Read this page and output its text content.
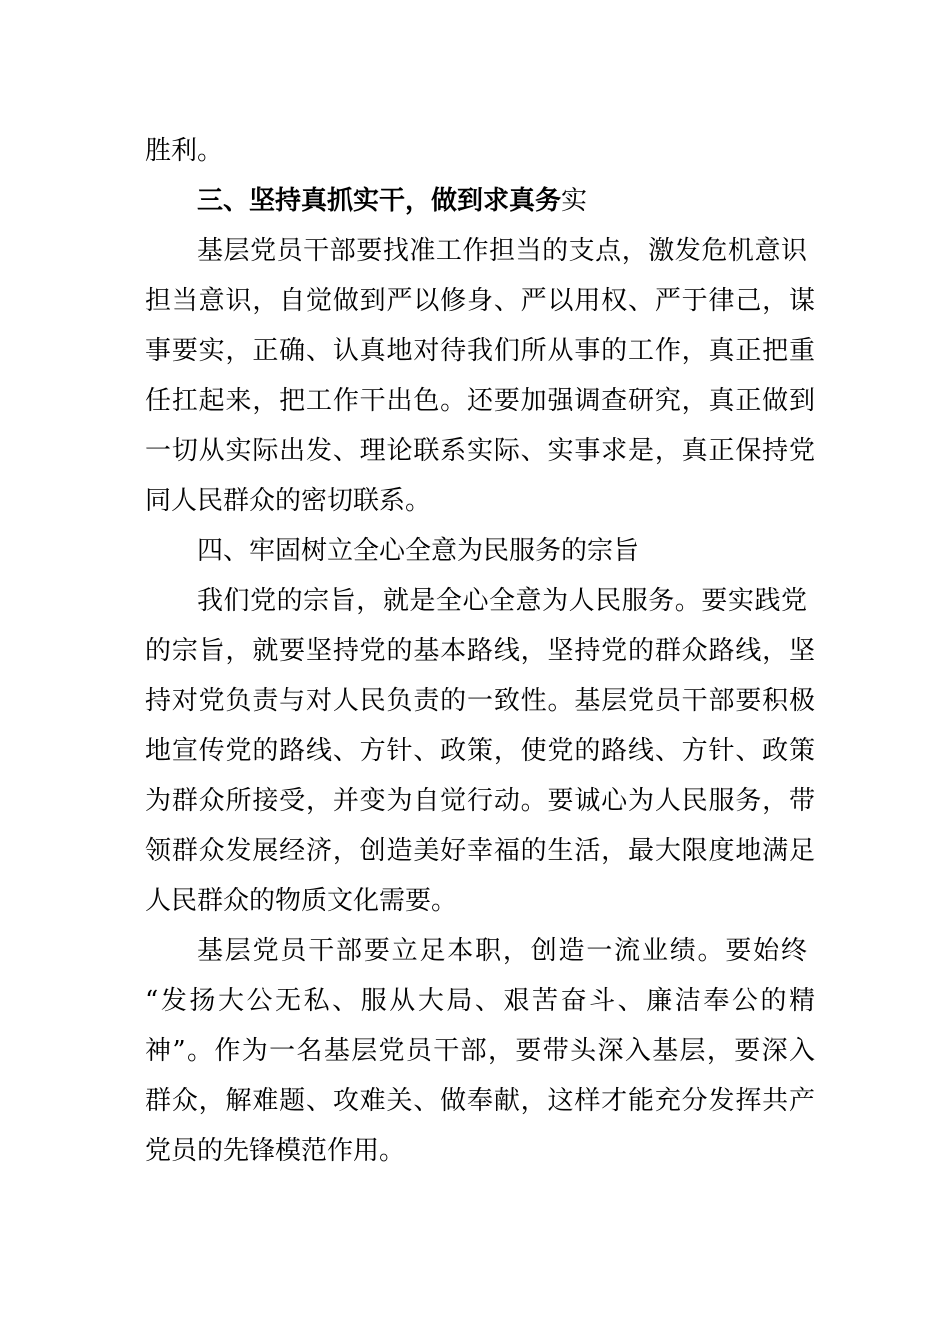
胜利。
三、坚持真抓实干，做到求真务实
基层党员干部要找准工作担当的支点，激发危机意识
担当意识，自觉做到严以修身、严以用权、严于律己，谋
事要实，正确、认真地对待我们所从事的工作，真正把重
任扛起来，把工作干出色。还要加强调查研究，真正做到
一切从实际出发、理论联系实际、实事求是，真正保持党
同人民群众的密切联系。
四、牢固树立全心全意为民服务的宗旨
我们党的宗旨，就是全心全意为人民服务。要实践党
的宗旨，就要坚持党的基本路线，坚持党的群众路线，坚
持对党负责与对人民负责的一致性。基层党员干部要积极
地宣传党的路线、方针、政策，使党的路线、方针、政策
为群众所接受，并变为自觉行动。要诚心为人民服务，带
领群众发展经济，创造美好幸福的生活，最大限度地满足
人民群众的物质文化需要。
基层党员干部要立足本职，创造一流业绩。要始终
“发扬大公无私、服从大局、艰苦奋斗、廉洁奉公的精
神”。作为一名基层党员干部，要带头深入基层，要深入
群众，解难题、攻难关、做奉献，这样才能充分发挥共产
党员的先锋模范作用。
